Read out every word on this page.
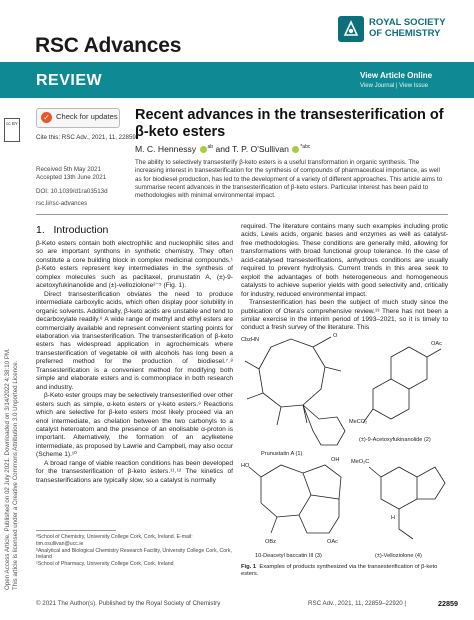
RSC Advances
ROYAL SOCIETY
OF CHEMISTRY
REVIEW	View Article Online
View Journal | View Issue
Open Access Article. Published on 02 July 2021. Downloaded on 3/14/2022 4:38:10 PM. This article is licensed under a Creative Commons Attribution 3.0 Unported Licence.
cc BY
✓ Check for updates
Cite this: RSC Adv., 2021, 11, 22859
Received 5th May 2021
Accepted 13th June 2021
DOI: 10.1039/d1ra03513d
rsc.li/rsc-advances
Recent advances in the transesterification of β-keto esters
M. C. Hennessy $^{ab}$ and T. P. O'Sullivan $^{*abc}$
The ability to selectively transesterify β-keto esters is a useful transformation in organic synthesis. The increasing interest in transesterification for the synthesis of compounds of pharmaceutical importance, as well as for biodiesel production, has led to the development of a variety of different approaches. This article aims to summarise recent advances in the transesterification of β-keto esters. Particular interest has been paid to methodologies with minimal environmental impact.
1.   Introduction

β-Keto esters contain both electrophilic and nucleophilic sites and so are important synthons in synthetic chemistry. They often constitute a core building block in complex medicinal compounds.¹ β-Keto esters represent key intermediates in the synthesis of complex molecules such as paclitaxel, prunustatin A, (±)-9-acetoxyfukinanolide and (±)-velloziolone²⁻⁵ (Fig. 1).

Direct transesterification obviates the need to produce intermediate carboxylic acids, which often display poor solubility in organic solvents. Additionally, β-keto acids are unstable and tend to decarboxylate readily.⁶ A wide range of methyl and ethyl esters are commercially available and represent convenient starting points for elaboration via transesterification. The transesterification of β-keto esters has widespread application in agrochemicals where transesterification of vegetable oil with alcohols has long been a preferred method for the production of biodiesel.⁷˒⁸ Transesterification is a convenient method for modifying both simple and elaborate esters and is commonplace in both research and industry.

β-Keto ester groups may be selectively transesterified over other esters such as simple, α-keto esters or γ-keto esters.⁹ Reactions which are selective for β-keto esters most likely proceed via an enol intermediate, as chelation between the two carbonyls to a catalyst heteroatom and the presence of an enolisable α-proton is important. Alternatively, the formation of an acylketene intermediate, as proposed by Lawrie and Campbell, may also occur (Scheme 1).¹⁰

A broad range of viable reaction conditions has been developed for the transesterification of β-keto esters.¹¹˒¹² The kinetics of transesterifications are typically slow, so a catalyst is normally

required. The literature contains many such examples including protic acids, Lewis acids, organic bases and enzymes as well as catalyst-free methodologies. These conditions are generally mild, allowing for transformations with broad functional group tolerance. In the case of acid-catalysed transesterifications, anhydrous conditions are usually required to prevent hydrolysis. Current trends in this area seek to exploit the advantages of both heterogeneous and homogeneous catalysts to achieve superior yields with good selectivity and, critically for industry, reduced environmental impact.

Transesterification has been the subject of much study since the publication of Otera's comprehensive review.¹³ There has not been a similar exercise in the interim period of 1993–2021, so it is timely to conduct a fresh survey of the literature. This

ᵃSchool of Chemistry, University College Cork, Cork, Ireland. E-mail: tim.osullivan@ucc.ie
ᵇAnalytical and Biological Chemistry Research Facility, University College Cork, Cork, Ireland
ᶜSchool of Pharmacy, University College Cork, Cork, Ireland
CbzHN
O
MeCO₂
OAc
HO
OH
OBz	OAc
MeO₂C
H
Prunustatin A (1)
(±)-9-Acetoxyfukinanolide (2)
10-Deacetyl baccatin III (3)	(±)-Velloziolone (4)
Fig. 1 Examples of products synthesized via the transesterification of β-keto esters.
© 2021 The Author(s). Published by the Royal Society of Chemistry	RSC Adv., 2021, 11, 22859–22920 |	22859
